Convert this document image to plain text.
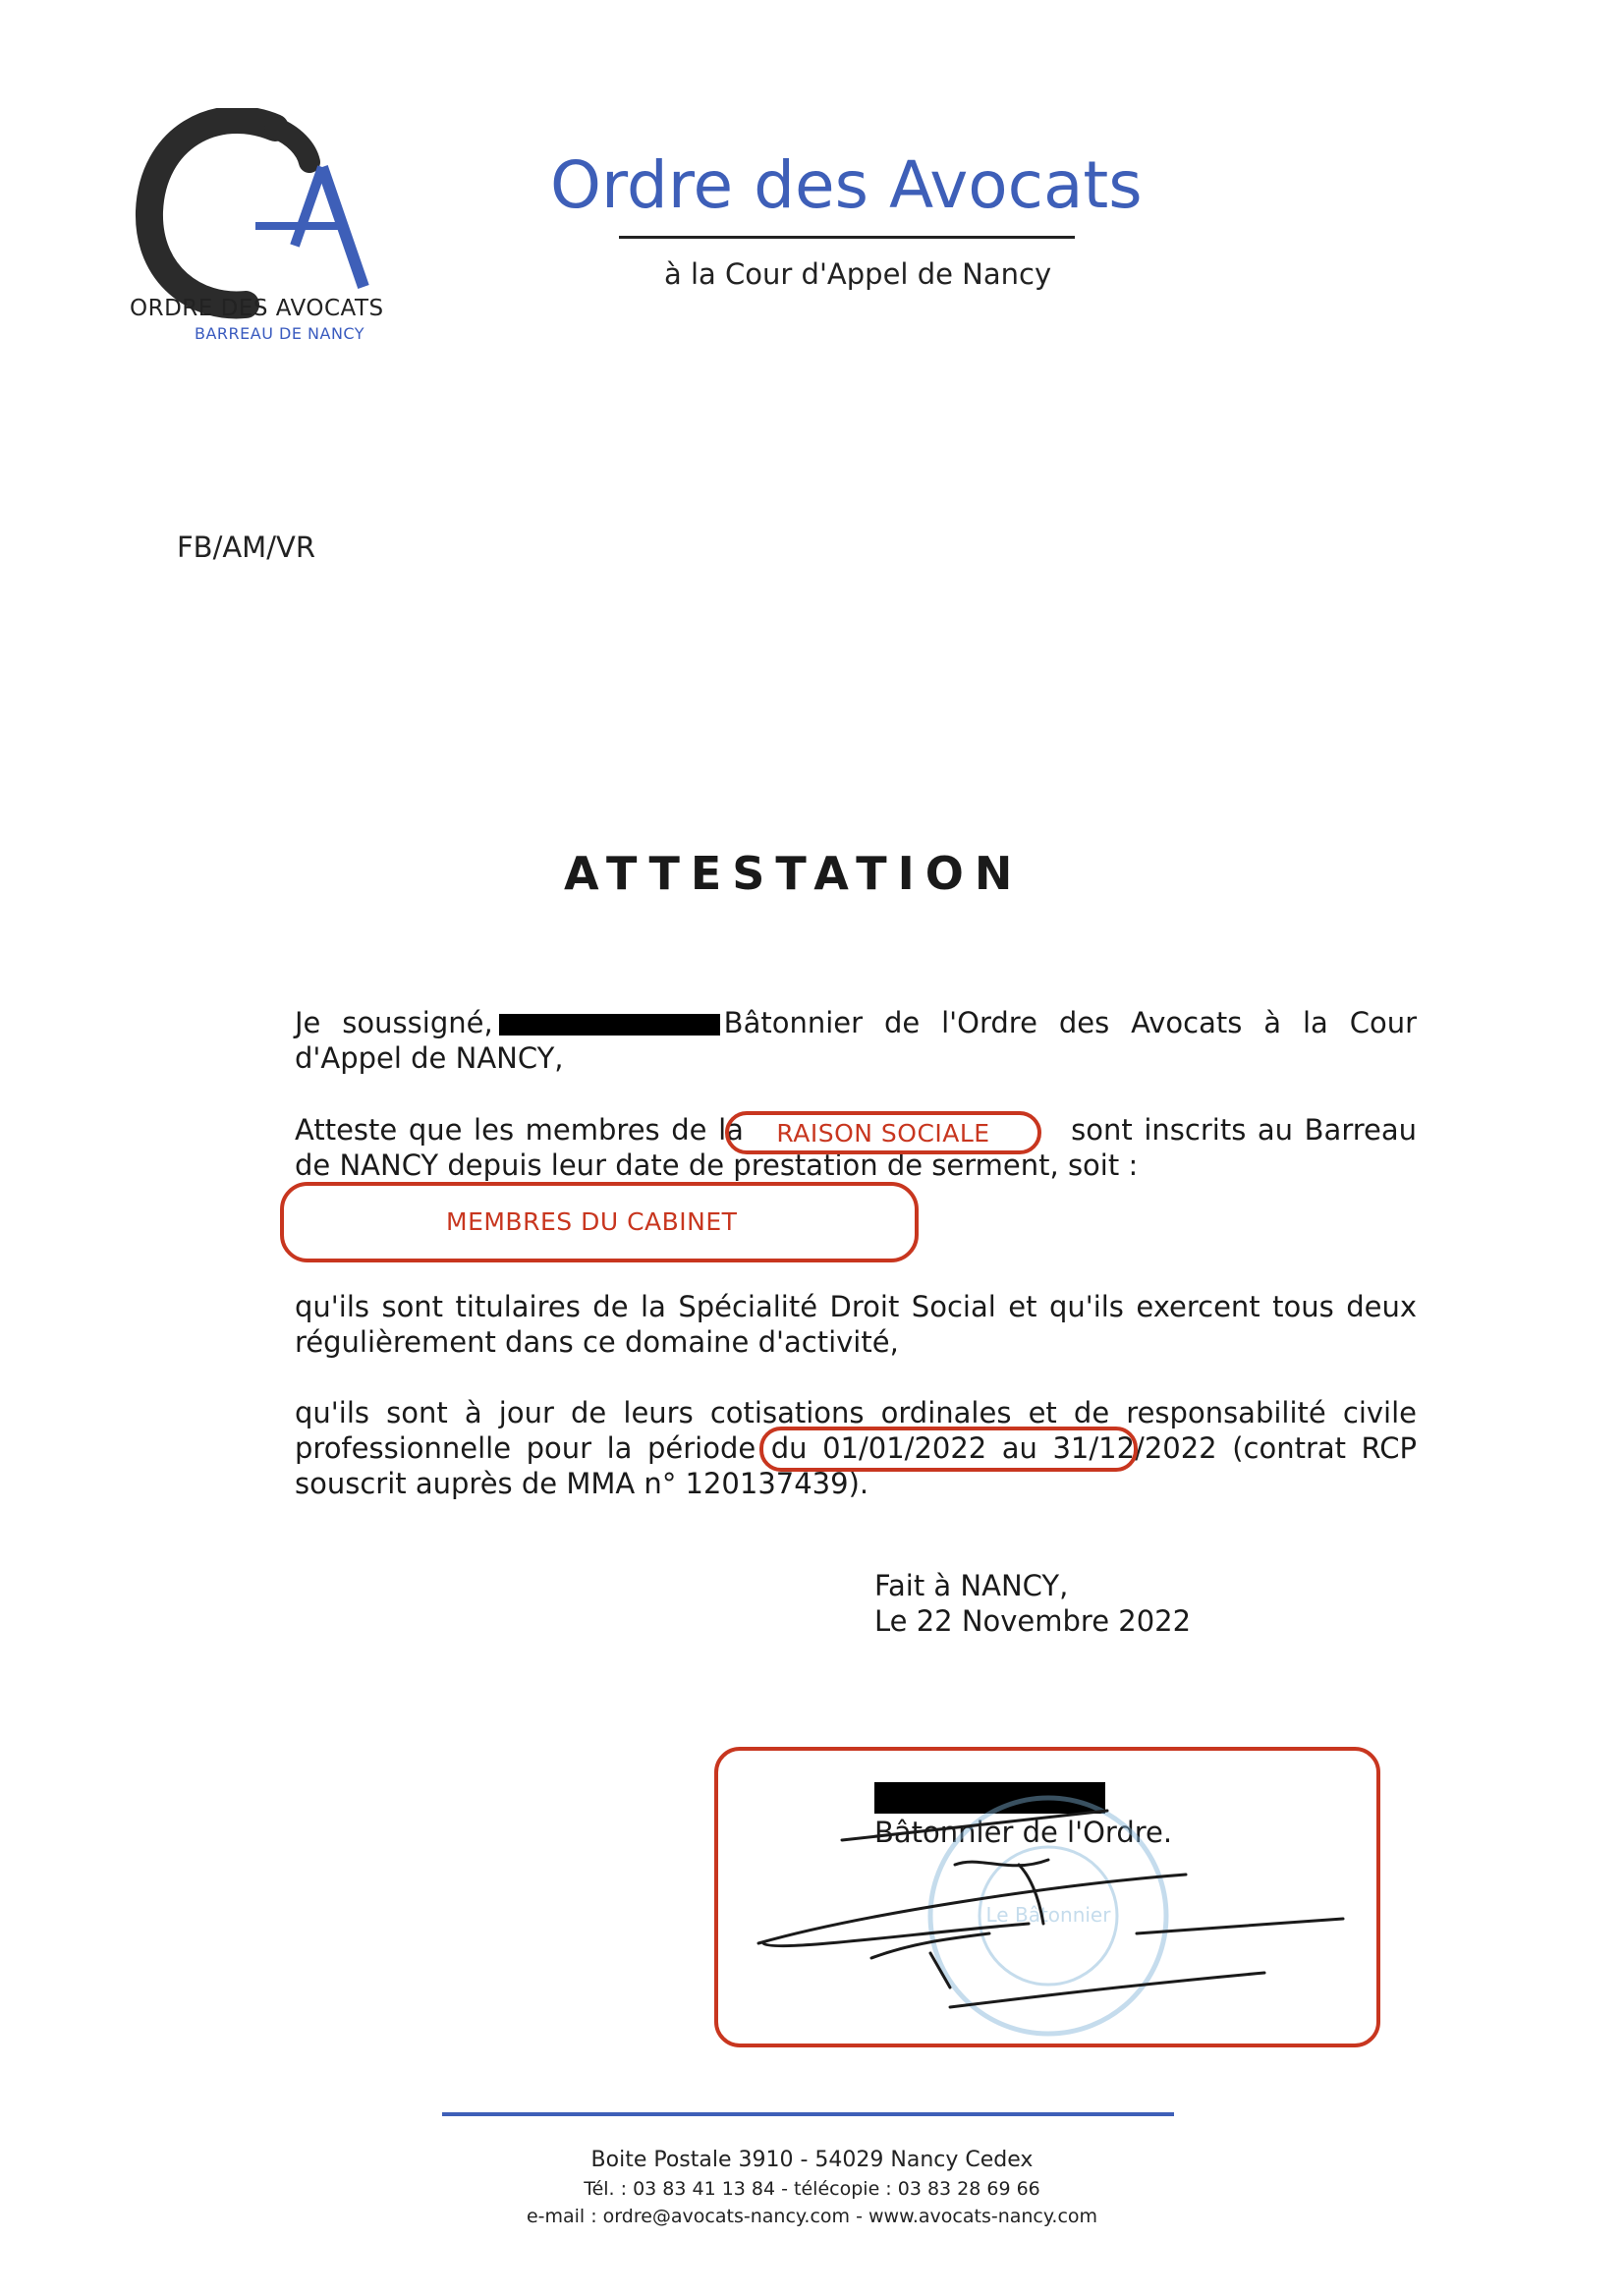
ORDRE DES AVOCATS
BARREAU DE NANCY
Ordre des Avocats
à la Cour d'Appel de Nancy
FB/AM/VR
ATTESTATION
Je soussigné,	Bâtonnier de l'Ordre des Avocats à la Cour d'Appel de NANCY,
Atteste que les membres de la	sont inscrits au Barreau de NANCY depuis leur date de prestation de serment, soit :
RAISON SOCIALE
MEMBRES DU CABINET
qu'ils sont titulaires de la Spécialité Droit Social et qu'ils exercent tous deux régulièrement dans ce domaine d'activité,
qu'ils sont à jour de leurs cotisations ordinales et de responsabilité civile professionnelle pour la période du 01/01/2022 au 31/12/2022 (contrat RCP souscrit auprès de MMA n° 120137439).
Fait à NANCY,
Le 22 Novembre 2022
Bâtonnier de l'Ordre.
Le Bâtonnier
Boite Postale 3910 - 54029 Nancy Cedex
Tél. : 03 83 41 13 84 - télécopie : 03 83 28 69 66
e-mail : ordre@avocats-nancy.com - www.avocats-nancy.com
